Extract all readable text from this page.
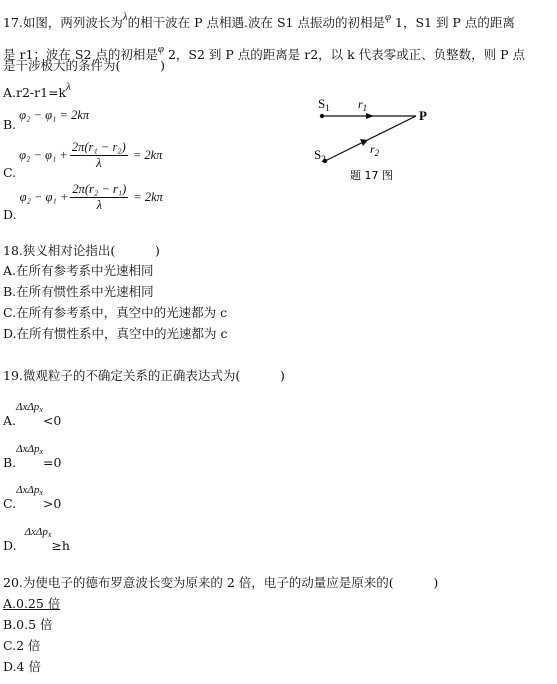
17.如图，两列波长为λ的相干波在 P 点相遇.波在 S1 点振动的初相是φ 1，S1 到 P 点的距离
是 r1；波在 S2 点的初相是φ 2，S2 到 P 点的距离是 r2，以 k 代表零或正、负整数，则 P 点
是干涉极大的条件为(          )
A.r2-r1=kλ
B.φ₂ − φ₁ = 2kπ
$C.\varphi_2 - \varphi_1 + \frac{\text{2π(r₁ − r₂)}}{\lambda} = 2k\pi$
$D.\varphi_2 - \varphi_1 + \frac{\text{2π(r₂ − r₁)}}{\lambda} = 2k\pi$
$S_1$ $r_1$	P
$r_2$
$S_2$
题 17 图
18.狭义相对论指出(          )
A.在所有参考系中光速相同
B.在所有惯性系中光速相同
C.在所有参考系中，真空中的光速都为 c
D.在所有惯性系中，真空中的光速都为 c
19.微观粒子的不确定关系的正确表达式为(          )
A.ΔxΔpx<0
B.ΔxΔpx=0
C.ΔxΔpx>0
D.ΔxΔpx≥h
20.为使电子的德布罗意波长变为原来的 2 倍，电子的动量应是原来的(          )
A.0.25 倍
B.0.5 倍
C.2 倍
D.4 倍
